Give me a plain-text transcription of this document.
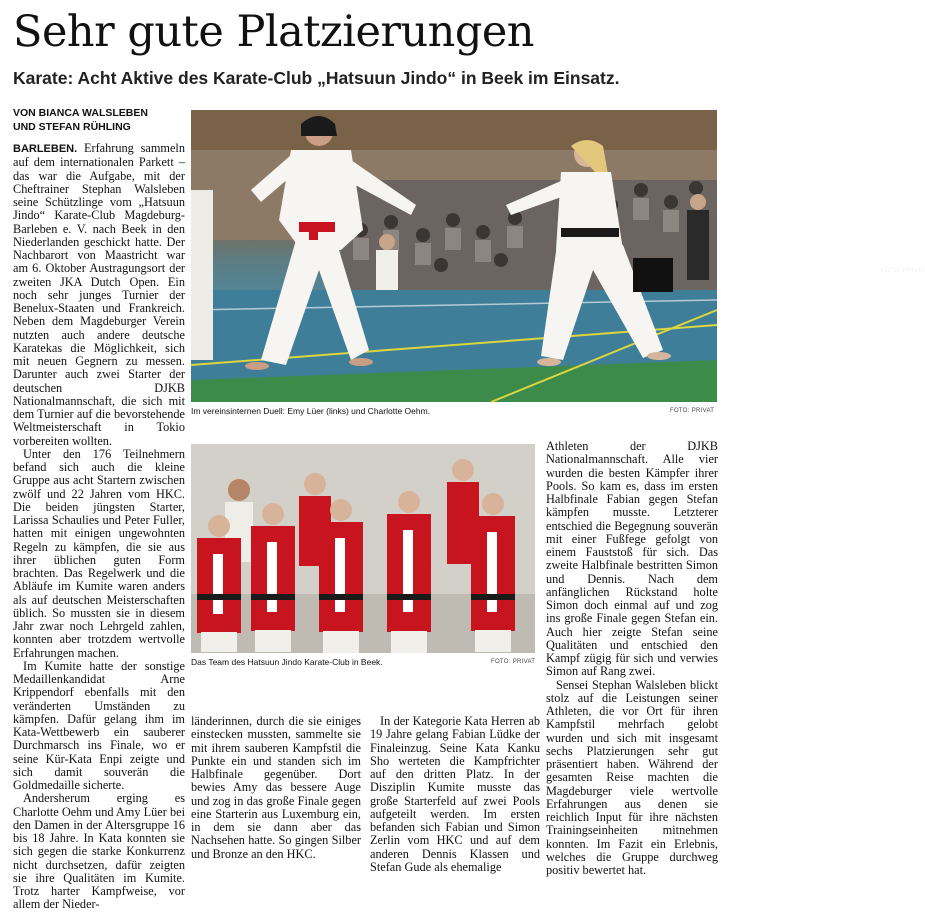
Sehr gute Platzierungen
Karate: Acht Aktive des Karate-Club „Hatsuun Jindo“ in Beek im Einsatz.
VON BIANCA WALSLEBEN
UND STEFAN RÜHLING

BARLEBEN. Erfahrung sammeln auf dem internationalen Parkett – das war die Aufgabe, mit der Cheftrainer Stephan Walsleben seine Schützlinge vom „Hatsuun Jindo“ Karate-Club Magdeburg-Barleben e. V. nach Beek in den Niederlanden geschickt hatte. Der Nachbarort von Maastricht war am 6. Oktober Austragungsort der zweiten JKA Dutch Open. Ein noch sehr junges Turnier der Benelux-Staaten und Frankreich. Neben dem Magdeburger Verein nutzten auch andere deutsche Karatekas die Möglichkeit, sich mit neuen Gegnern zu messen. Darunter auch zwei Starter der deutschen DJKB Nationalmannschaft, die sich mit dem Turnier auf die bevorstehende Weltmeisterschaft in Tokio vorbereiten wollten.

Unter den 176 Teilnehmern befand sich auch die kleine Gruppe aus acht Startern zwischen zwölf und 22 Jahren vom HKC. Die beiden jüngsten Starter, Larissa Schaulies und Peter Fuller, hatten mit einigen ungewohnten Regeln zu kämpfen, die sie aus ihrer üblichen guten Form brachten. Das Regelwerk und die Abläufe im Kumite waren anders als auf deutschen Meisterschaften üblich. So mussten sie in diesem Jahr zwar noch Lehrgeld zahlen, konnten aber trotzdem wertvolle Erfahrungen machen.

Im Kumite hatte der sonstige Medaillenkandidat Arne Krippendorf ebenfalls mit den veränderten Umständen zu kämpfen. Dafür gelang ihm im Kata-Wettbewerb ein sauberer Durchmarsch ins Finale, wo er seine Kür-Kata Enpi zeigte und sich damit souverän die Goldmedaille sicherte.

Andersherum erging es Charlotte Oehm und Amy Lüer bei den Damen in der Altersgruppe 16 bis 18 Jahre. In Kata konnten sie sich gegen die starke Konkurrenz nicht durchsetzen, dafür zeigten sie ihre Qualitäten im Kumite. Trotz harter Kampfweise, vor allem der Nieder-

FOTO: PRIVAT
Im vereinsinternen Duell: Emy Lüer (links) und Charlotte Oehm.	FOTO: PRIVAT
Das Team des Hatsuun Jindo Karate-Club in Beek.	FOTO: PRIVAT

länderinnen, durch die sie einiges einstecken mussten, sammelte sie mit ihrem sauberen Kampfstil die Punkte ein und standen sich im Halbfinale gegenüber. Dort bewies Amy das bessere Auge und zog in das große Finale gegen eine Starterin aus Luxemburg ein, in dem sie dann aber das Nachsehen hatte. So gingen Silber und Bronze an den HKC.

In der Kategorie Kata Herren ab 19 Jahre gelang Fabian Lüdke der Finaleinzug. Seine Kata Kanku Sho werteten die Kampfrichter auf den dritten Platz. In der Disziplin Kumite musste das große Starterfeld auf zwei Pools aufgeteilt werden. Im ersten befanden sich Fabian und Simon Zerlin vom HKC und auf dem anderen Dennis Klassen und Stefan Gude als ehemalige

Athleten der DJKB Nationalmannschaft. Alle vier wurden die besten Kämpfer ihrer Pools. So kam es, dass im ersten Halbfinale Fabian gegen Stefan kämpfen musste. Letzterer entschied die Begegnung souverän mit einer Fußfege gefolgt von einem Fauststoß für sich. Das zweite Halbfinale bestritten Simon und Dennis. Nach dem anfänglichen Rückstand holte Simon doch einmal auf und zog ins große Finale gegen Stefan ein. Auch hier zeigte Stefan seine Qualitäten und entschied den Kampf zügig für sich und verwies Simon auf Rang zwei.

Sensei Stephan Walsleben blickt stolz auf die Leistungen seiner Athleten, die vor Ort für ihren Kampfstil mehrfach gelobt wurden und sich mit insgesamt sechs Platzierungen sehr gut präsentiert haben. Während der gesamten Reise machten die Magdeburger viele wertvolle Erfahrungen aus denen sie reichlich Input für ihre nächsten Trainingseinheiten mitnehmen konnten. Im Fazit ein Erlebnis, welches die Gruppe durchweg positiv bewertet hat.
